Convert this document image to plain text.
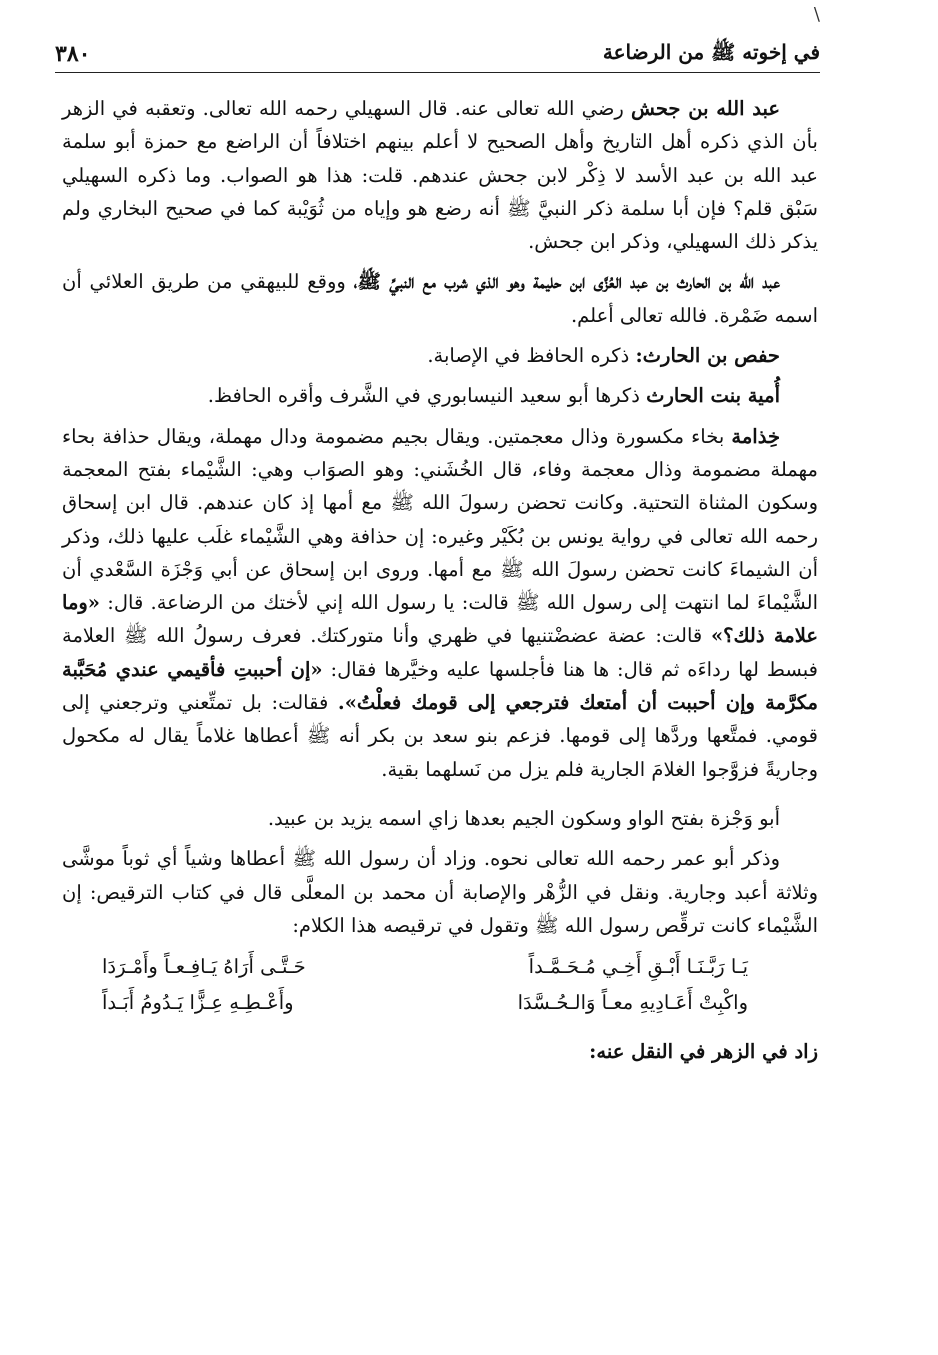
\
في إخوته ﷺ من الرضاعة
٣٨٠

عبد الله بن جحش رضي الله تعالى عنه. قال السهيلي رحمه الله تعالى. وتعقبه في الزهر بأن الذي ذكره أهل التاريخ وأهل الصحيح لا أعلم بينهم اختلافاً أن الراضع مع حمزة أبو سلمة عبد الله بن عبد الأسد لا ذِكْر لابن جحش عندهم. قلت: هذا هو الصواب. وما ذكره السهيلي سَبْق قلم؟ فإن أبا سلمة ذكر النبيَّ ﷺ أنه رضع هو وإياه من ثُوَيْبة كما في صحيح البخاري ولم يذكر ذلك السهيلي، وذكر ابن جحش.

عبد الله بن الحارث بن عبد العُزَّى ابن حليمة وهو الذي شرب مع النبيِّ ﷺ، ووقع للبيهقي من طريق العلائي أن اسمه ضَمْرة. فالله تعالى أعلم.

حفص بن الحارث: ذكره الحافظ في الإصابة.

أُمية بنت الحارث ذكرها أبو سعيد النيسابوري في الشَّرف وأقره الحافظ.

خِذامة بخاء مكسورة وذال معجمتين. ويقال بجيم مضمومة ودال مهملة، ويقال حذافة بحاء مهملة مضمومة وذال معجمة وفاء، قال الخُشَني: وهو الصوَاب وهي: الشَّيْماء بفتح المعجمة وسكون المثناة التحتية. وكانت تحضن رسولَ الله ﷺ مع أمها إذ كان عندهم. قال ابن إسحاق رحمه الله تعالى في رواية يونس بن بُكَيْر وغيره: إن حذافة وهي الشَّيْماء غلَب عليها ذلك، وذكر أن الشيماءَ كانت تحضن رسولَ الله ﷺ مع أمها. وروى ابن إسحاق عن أبي وَجْزَة السَّعْدي أن الشَّيْماءَ لما انتهت إلى رسول الله ﷺ قالت: يا رسول الله إني لأختك من الرضاعة. قال: «وما علامة ذلك؟» قالت: عضة عضضْتنيها في ظهري وأنا متوركتك. فعرف رسولُ الله ﷺ العلامة فبسط لها رداءَه ثم قال: ها هنا فأجلسها عليه وخيَّرها فقال: «إن أحببتِ فأقيمي عندي مُحَبَّبة مكرَّمة وإن أحببت أن أمتعك فترجعي إلى قومك فعلْتُ». فقالت: بل تمتِّعني وترجعني إلى قومي. فمتَّعها وردَّها إلى قومها. فزعم بنو سعد بن بكر أنه ﷺ أعطاها غلاماً يقال له مكحول وجاريةً فزوَّجوا الغلامَ الجارية فلم يزل من نَسلهما بقية.

أبو وَجْزة بفتح الواو وسكون الجيم بعدها زاي اسمه يزيد بن عبيد.

وذكر أبو عمر رحمه الله تعالى نحوه. وزاد أن رسول الله ﷺ أعطاها وشياً أي ثوباً موشَّى وثلاثة أعبد وجارية. ونقل في الزُّهْر والإصابة أن محمد بن المعلَّى قال في كتاب الترقيص: إن الشَّيْماء كانت ترقِّص رسول الله ﷺ وتقول في ترقيصه هذا الكلام:

يَـا رَبَّـنَـا أَبْـقِ أَخِـي مُـحَـمَّـداً
حَـتَّـى أَرَاهُ يَـافِـعـاً وأَمْـرَدَا
واكْبِتْ أَعَـادِيهِ معـاً وَالـحُـسَّدَا
وأَعْـطِـهِ عِـزًّا يَـدُومُ أَبَـداً

زاد في الزهر في النقل عنه:
